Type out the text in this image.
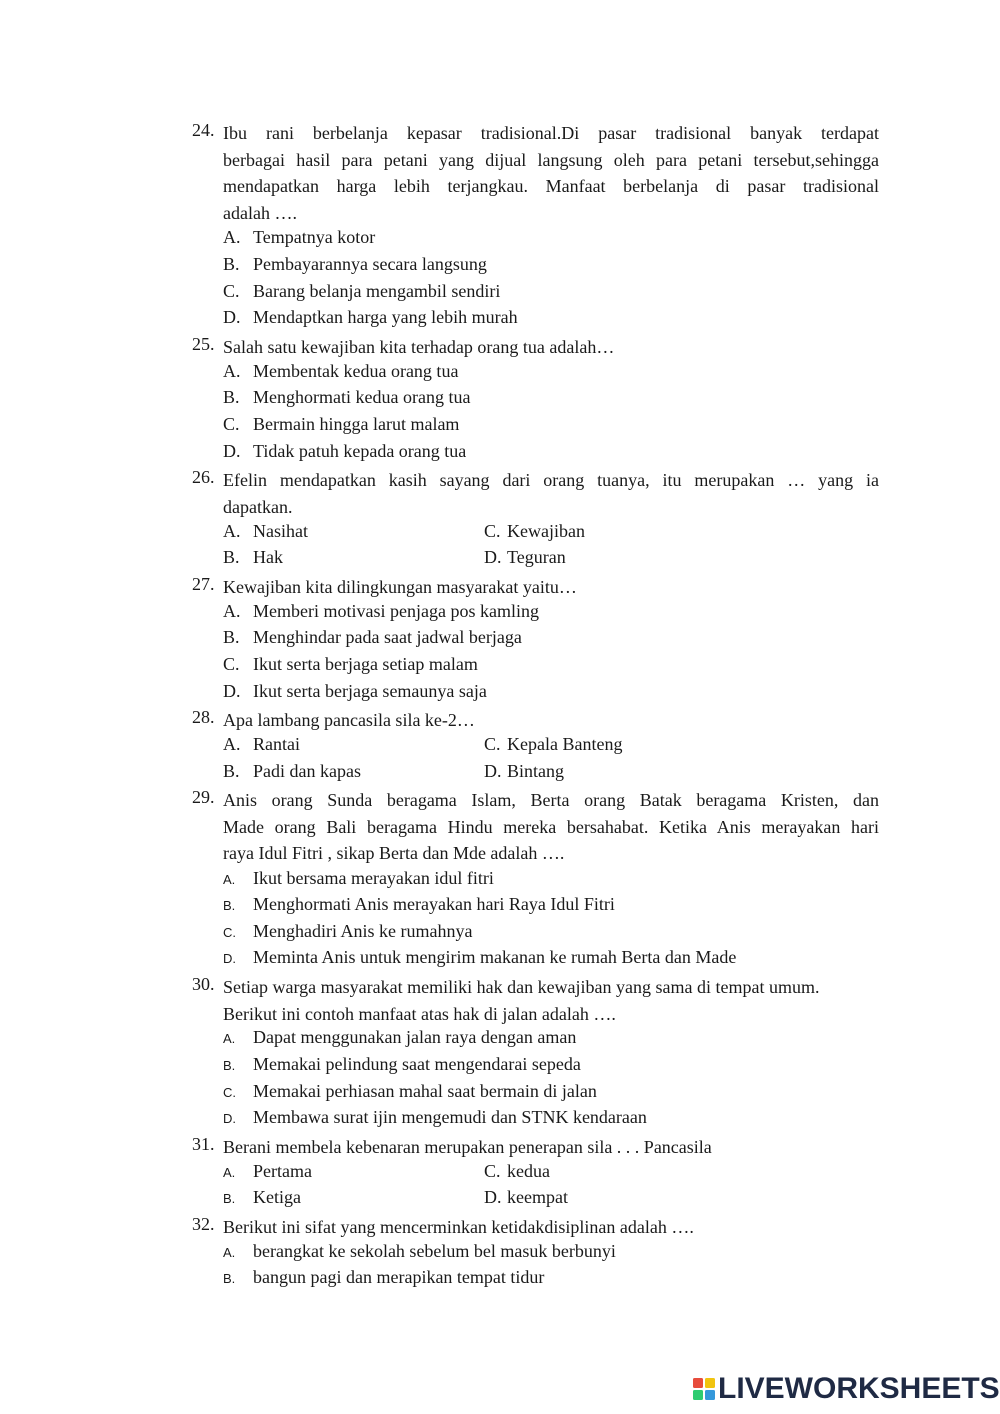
24. Ibu rani berbelanja kepasar tradisional.Di pasar tradisional banyak terdapat
berbagai hasil para petani yang dijual langsung oleh para petani tersebut,sehingga
mendapatkan harga lebih terjangkau. Manfaat berbelanja di pasar tradisional
adalah ….
A. Tempatnya kotor
B. Pembayarannya secara langsung
C. Barang belanja mengambil sendiri
D. Mendaptkan harga yang lebih murah
25. Salah satu kewajiban kita terhadap orang tua adalah…
A. Membentak kedua orang tua
B. Menghormati kedua orang tua
C. Bermain hingga larut malam
D. Tidak patuh kepada orang tua
26. Efelin mendapatkan kasih sayang dari orang tuanya, itu merupakan … yang ia
dapatkan.
A. Nasihat	C. Kewajiban
B. Hak	D. Teguran
27. Kewajiban kita dilingkungan masyarakat yaitu…
A. Memberi motivasi penjaga pos kamling
B. Menghindar pada saat jadwal berjaga
C. Ikut serta berjaga setiap malam
D. Ikut serta berjaga semaunya saja
28. Apa lambang pancasila sila ke-2…
A. Rantai	C. Kepala Banteng
B. Padi dan kapas	D. Bintang
29. Anis orang Sunda beragama Islam, Berta orang Batak beragama Kristen, dan
Made orang Bali beragama Hindu mereka bersahabat. Ketika Anis merayakan hari
raya Idul Fitri , sikap Berta dan Mde adalah ….
A. Ikut bersama merayakan idul fitri
B. Menghormati Anis merayakan hari Raya Idul Fitri
C. Menghadiri Anis ke rumahnya
D. Meminta Anis untuk mengirim makanan ke rumah Berta dan Made
30. Setiap warga masyarakat memiliki hak dan kewajiban yang sama di tempat umum.
Berikut ini contoh manfaat atas hak di jalan adalah ….
A. Dapat menggunakan jalan raya dengan aman
B. Memakai pelindung saat mengendarai sepeda
C. Memakai perhiasan mahal saat bermain di jalan
D. Membawa surat ijin mengemudi dan STNK kendaraan
31. Berani membela kebenaran merupakan penerapan sila . . . Pancasila
A. Pertama	C. kedua
B. Ketiga	D. keempat
32. Berikut ini sifat yang mencerminkan ketidakdisiplinan adalah ….
A. berangkat ke sekolah sebelum bel masuk berbunyi
B. bangun pagi dan merapikan tempat tidur
LIVEWORKSHEETS
